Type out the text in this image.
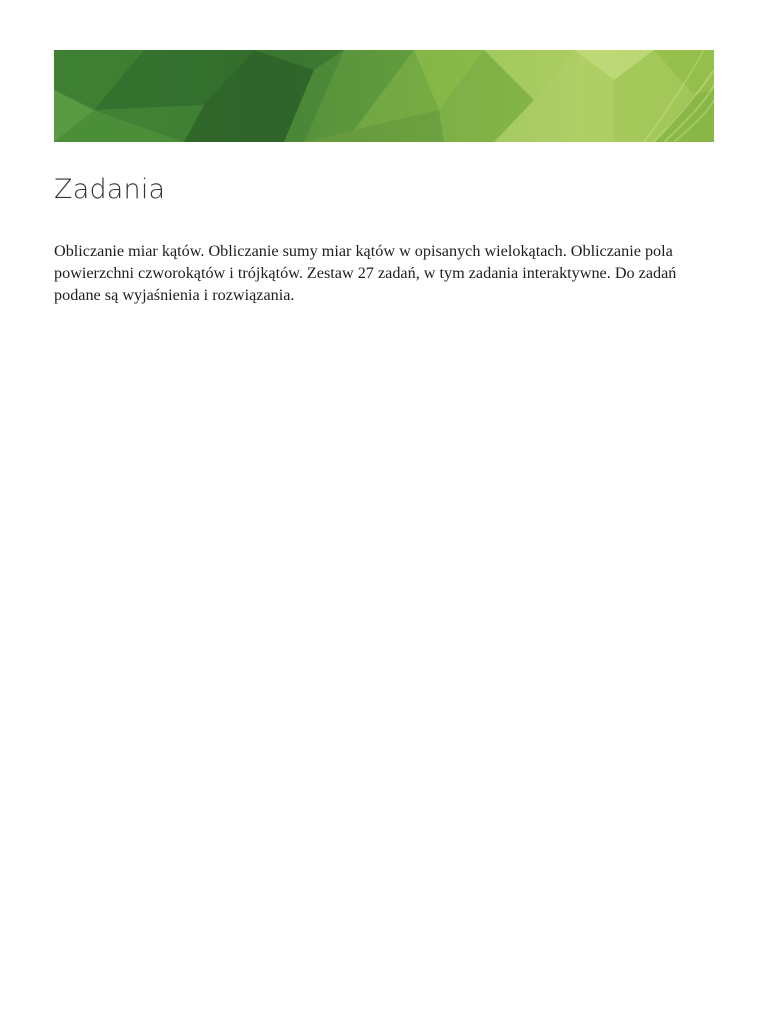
Zadania

Obliczanie miar kątów. Obliczanie sumy miar kątów w opisanych wielokątach. Obliczanie pola powierzchni czworokątów i trójkątów. Zestaw 27 zadań, w tym zadania interaktywne. Do zadań podane są wyjaśnienia i rozwiązania.
